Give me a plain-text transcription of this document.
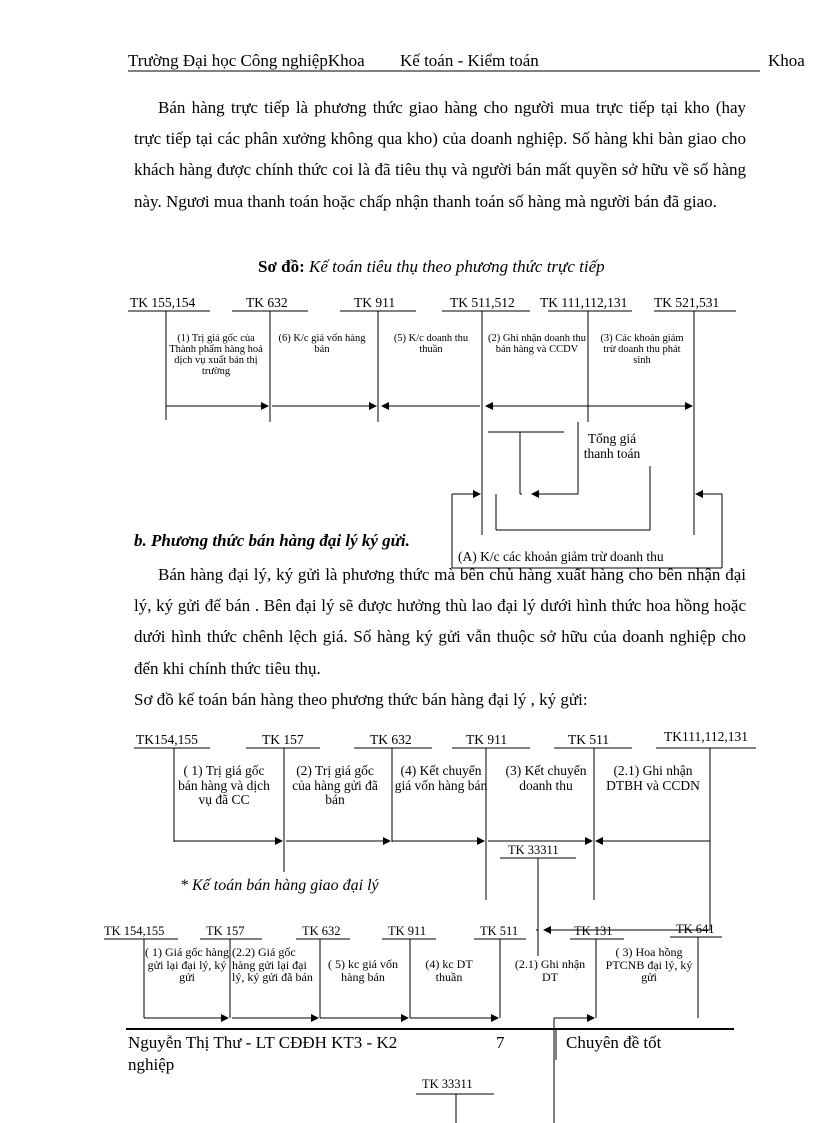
Trường Đại học Công nghiệpKhoa Kế toán - Kiểm toán	Khoa
Bán hàng trực tiếp là phương thức giao hàng cho người mua trực tiếp tại kho (hay trực tiếp tại các phân xưởng không qua kho) của doanh nghiệp. Số hàng khi bàn giao cho khách hàng được chính thức coi là đã tiêu thụ và người bán mất quyền sở hữu về số hàng này. Ngươi mua thanh toán hoặc chấp nhận thanh toán số hàng mà người bán đã giao.
Sơ đồ: Kế toán tiêu thụ theo phương thức trực tiếp
TK 155,154	TK 632	TK 911	TK 511,512 TK 111,112,131 TK 521,531
(1) Trị giá gốc của Thành phẩm hàng hoá dịch vụ xuất bán thị trường
(6) K/c giá vốn hàng bán
(5) K/c doanh thu thuần
(2) Ghi nhận doanh thu bán hàng và CCDV
(3) Các khoản giảm trừ doanh thu phát sinh
Tổng giá thanh toán
(A) K/c các khoản giảm trừ doanh thu
b. Phương thức bán hàng đại lý ký gửi.
Bán hàng đại lý, ký gửi là phương thức mà bên chủ hàng xuất hàng cho bên nhận đại lý, ký gửi để bán . Bên đại lý sẽ được hưởng thù lao đại lý dưới hình thức hoa hồng hoặc dưới hình thức chênh lệch giá. Số hàng ký gửi vẫn thuộc sở hữu của doanh nghiệp cho đến khi chính thức tiêu thụ.
Sơ đồ kế toán bán hàng theo phương thức bán hàng đại lý , ký gửi:
TK154,155	TK 157	TK 632	TK 911	TK 511	TK111,112,131
( 1) Trị giá gốc bán hàng và dịch vụ đã CC
(2) Trị giá gốc của hàng gửi đã bán
(4) Kết chuyển giá vốn hàng bán
(3) Kết chuyển doanh thu
(2.1) Ghi nhận DTBH và CCDN
TK 33311
* Kế toán bán hàng giao đại lý
TK 154,155	TK 157	TK 632	TK 911	TK 511	TK 131	TK 641
( 1) Giá gốc hàng gửi lại đại lý, ký gửi
(2.2) Giá gốc hàng gửi lại đại lý, ký gửi đã bán
( 5) kc giá vốn hàng bán
(4) kc DT thuần
(2.1) Ghi nhận DT
( 3) Hoa hồng PTCNB đại lý, ký gửi
Nguyễn Thị Thư - LT CĐĐH KT3 - K2
nghiệp
7	Chuyên đề tốt
TK 33311
